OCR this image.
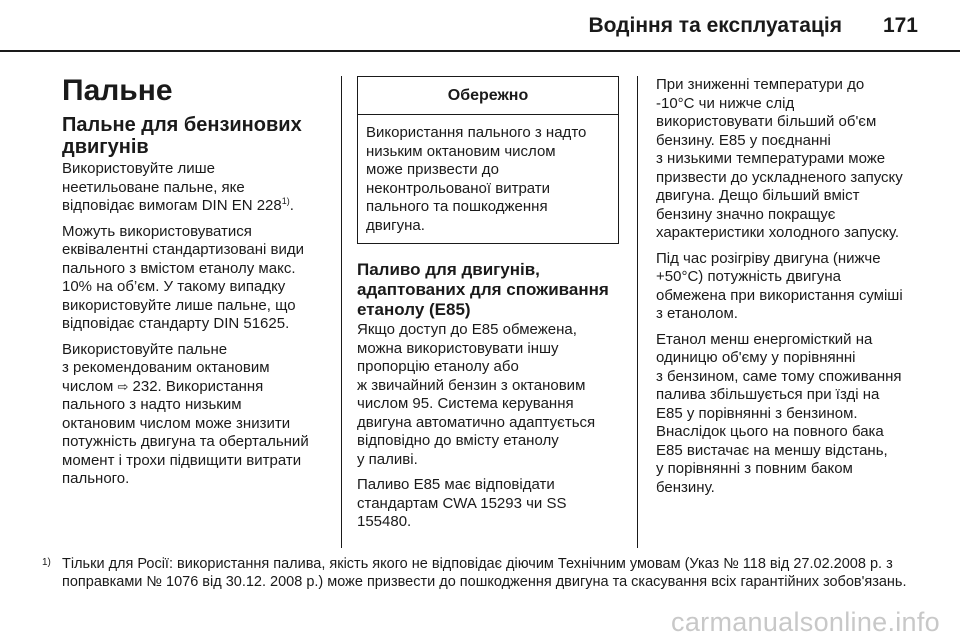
Водіння та експлуатація 171
Пальне
Пальне для бензинових двигунів

Використовуйте лише
неетильоване пальне, яке
відповідає вимогам DIN EN 228$^{1)}$.

Можуть використовуватися
еквівалентні стандартизовані види
пального з вмістом етанолу макс.
10% на об’єм. У такому випадку
використовуйте лише пальне, що
відповідає стандарту DIN 51625.

Використовуйте пальне
з рекомендованим октановим
числом ⇨ 232. Використання
пального з надто низьким
октановим числом може знизити
потужність двигуна та обертальний
момент і трохи підвищити витрати
пального.

Обережно
Використання пального з надто
низьким октановим числом
може призвести до
неконтрольованої витрати
пального та пошкодження
двигуна.
Паливо для двигунів, адаптованих для споживання етанолу (E85)

Якщо доступ до E85 обмежена,
можна використовувати іншу
пропорцію етанолу або
ж звичайний бензин з октановим
числом 95. Система керування
двигуна автоматично адаптується
відповідно до вмісту етанолу
у паливі.

Паливо E85 має відповідати
стандартам CWA 15293 чи SS
155480.

При зниженні температури до
-10°C чи нижче слід
використовувати більший об'єм
бензину. E85 у поєднанні
з низькими температурами може
призвести до ускладненого запуску
двигуна. Дещо більший вміст
бензину значно покращує
характеристики холодного запуску.

Під час розігріву двигуна (нижче
+50°C) потужність двигуна
обмежена при використання суміші
з етанолом.

Етанол менш енергомісткий на
одиницю об'єму у порівнянні
з бензином, саме тому споживання
палива збільшується при їзді на
E85 у порівнянні з бензином.
Внаслідок цього на повного бака
E85 вистачає на меншу відстань,
у порівнянні з повним баком
бензину.

1) Тільки для Росії: використання палива, якість якого не відповідає діючим Технічним умовам (Указ № 118 від 27.02.2008 р. з поправками № 1076 від 30.12. 2008 р.) може призвести до пошкодження двигуна та скасування всіх гарантійних зобов'язань.
carmanualsonline.info
